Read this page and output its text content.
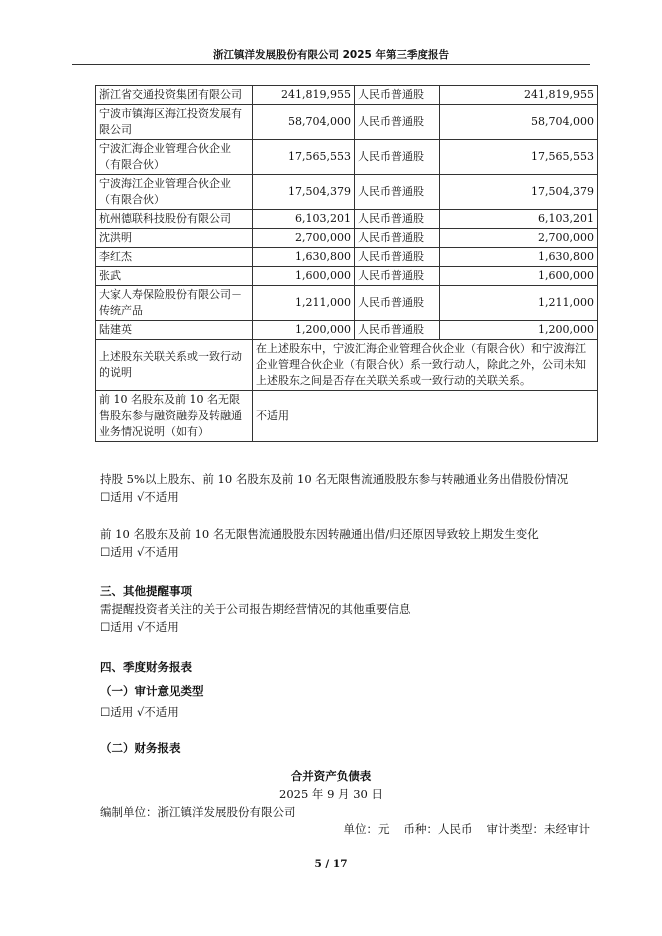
浙江镇洋发展股份有限公司 2025 年第三季度报告
浙江省交通投资集团有限公司	241,819,955	人民币普通股	241,819,955
宁波市镇海区海江投资发展有限公司	58,704,000	人民币普通股	58,704,000
宁波汇海企业管理合伙企业（有限合伙）	17,565,553	人民币普通股	17,565,553
宁波海江企业管理合伙企业（有限合伙）	17,504,379	人民币普通股	17,504,379
杭州德联科技股份有限公司	6,103,201	人民币普通股	6,103,201
沈洪明	2,700,000	人民币普通股	2,700,000
李红杰	1,630,800	人民币普通股	1,630,800
张武	1,600,000	人民币普通股	1,600,000
大家人寿保险股份有限公司－传统产品	1,211,000	人民币普通股	1,211,000
陆建英	1,200,000	人民币普通股	1,200,000
上述股东关联关系或一致行动的说明	在上述股东中，宁波汇海企业管理合伙企业（有限合伙）和宁波海江企业管理合伙企业（有限合伙）系一致行动人，除此之外，公司未知上述股东之间是否存在关联关系或一致行动的关联关系。		
前 10 名股东及前 10 名无限售股东参与融资融券及转融通业务情况说明（如有）	不适用		
持股 5%以上股东、前 10 名股东及前 10 名无限售流通股股东参与转融通业务出借股份情况
☐适用 √不适用
前 10 名股东及前 10 名无限售流通股股东因转融通出借/归还原因导致较上期发生变化
☐适用 √不适用
三、其他提醒事项
需提醒投资者关注的关于公司报告期经营情况的其他重要信息
☐适用 √不适用
四、季度财务报表
（一）审计意见类型
☐适用 √不适用
（二）财务报表
合并资产负债表
2025 年 9 月 30 日
编制单位：浙江镇洋发展股份有限公司
单位：元 币种：人民币 审计类型：未经审计
5 / 17
